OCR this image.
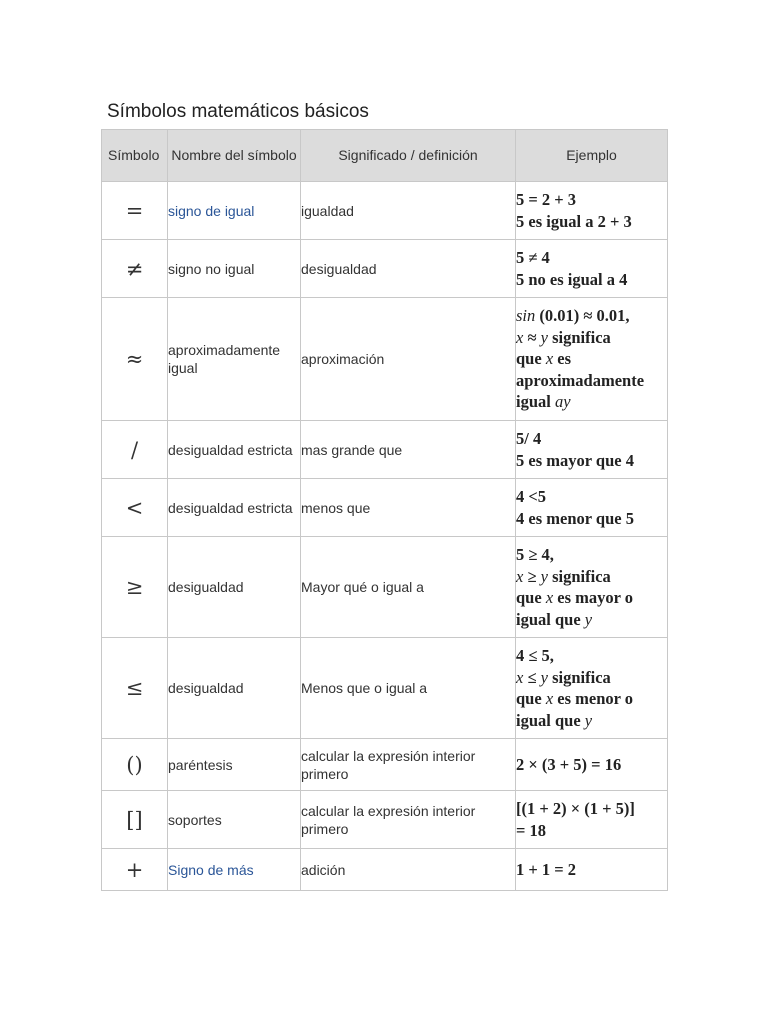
Símbolos matemáticos básicos
Símbolo	Nombre del símbolo	Significado / definición	Ejemplo
=	signo de igual	igualdad	5 = 2 + 3
5 es igual a 2 + 3

≠	signo no igual	desigualdad	5 ≠ 4
5 no es igual a 4

≈	aproximadamente igual	aproximación	sin (0.01) ≈ 0.01,
x ≈ y significa
que x es
aproximadamente
igual ay

/	desigualdad estricta	mas grande que	5/ 4
5 es mayor que 4

<	desigualdad estricta	menos que	4 <5
4 es menor que 5

≥	desigualdad	Mayor qué o igual a	5 ≥ 4,
x ≥ y significa
que x es mayor o
igual que y

≤	desigualdad	Menos que o igual a	4 ≤ 5,
x ≤ y significa
que x es menor o
igual que y

()	paréntesis	calcular la expresión interior primero	2 × (3 + 5) = 16

[]	soportes	calcular la expresión interior primero	[(1 + 2) × (1 + 5)]
= 18

+	Signo de más	adición	1 + 1 = 2
